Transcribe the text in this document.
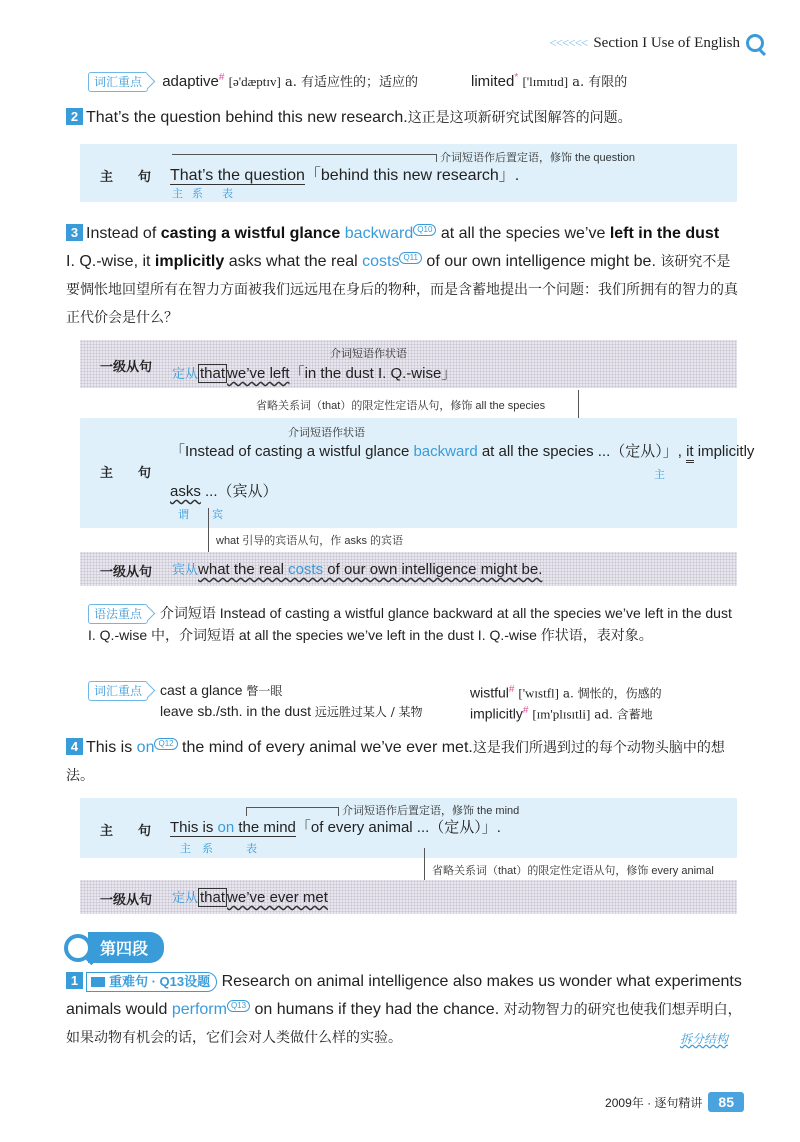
<<<<<< Section I Use of English
词汇重点 adaptive# [ə'dæptɪv] a. 有适应性的；适应的	limited* ['lɪmɪtɪd] a. 有限的
2 That’s the question behind this new research.这正是这项新研究试图解答的问题。
主　句
介词短语作后置定语，修饰 the question
That’s the question「behind this new research」.
主 系 表
3 Instead of casting a wistful glance backward Q10 at all the species we’ve left in the dust
I. Q.-wise, it implicitly asks what the real costs Q11 of our own intelligence might be. 该研究不是要惆怅地回望所有在智力方面被我们远远甩在身后的物种，而是含蓄地提出一个问题：我们所拥有的智力的真正代价会是什么？
一级从句
介词短语作状语
定从 that we’ve left「in the dust I. Q.-wise」
省略关系词（that）的限定性定语从句，修饰 all the species
主　句
介词短语作状语
「Instead of casting a wistful glance backward at all the species ...（定从）」, it implicitly
主
asks ...（宾从）
谓 宾
what 引导的宾语从句，作 asks 的宾语
一级从句 宾从what the real costs of our own intelligence might be.
语法重点 介词短语 Instead of casting a wistful glance backward at all the species we’ve left in the dust I. Q.-wise 中，介词短语 at all the species we’ve left in the dust I. Q.-wise 作状语，表对象。
词汇重点 cast a glance 瞥一眼
leave sb./sth. in the dust 远远胜过某人 / 某物
wistful# ['wɪstfl] a. 惆怅的，伤感的
implicitly# [ɪm'plɪsɪtli] ad. 含蓄地
4 This is on Q12 the mind of every animal we’ve ever met.这是我们所遇到过的每个动物头脑中的想法。
主　句
介词短语作后置定语，修饰 the mind
This is on the mind「of every animal ...（定从）」.
主 系	表
省略关系词（that）的限定性定语从句，修饰 every animal
一级从句 定从 that we’ve ever met
第四段
1 重难句 · Q13设题 Research on animal intelligence also makes us wonder what experiments animals would perform Q13 on humans if they had the chance. 对动物智力的研究也使我们想弄明白，如果动物有机会的话，它们会对人类做什么样的实验。	拆分结构
2009年 · 逐句精讲	85
